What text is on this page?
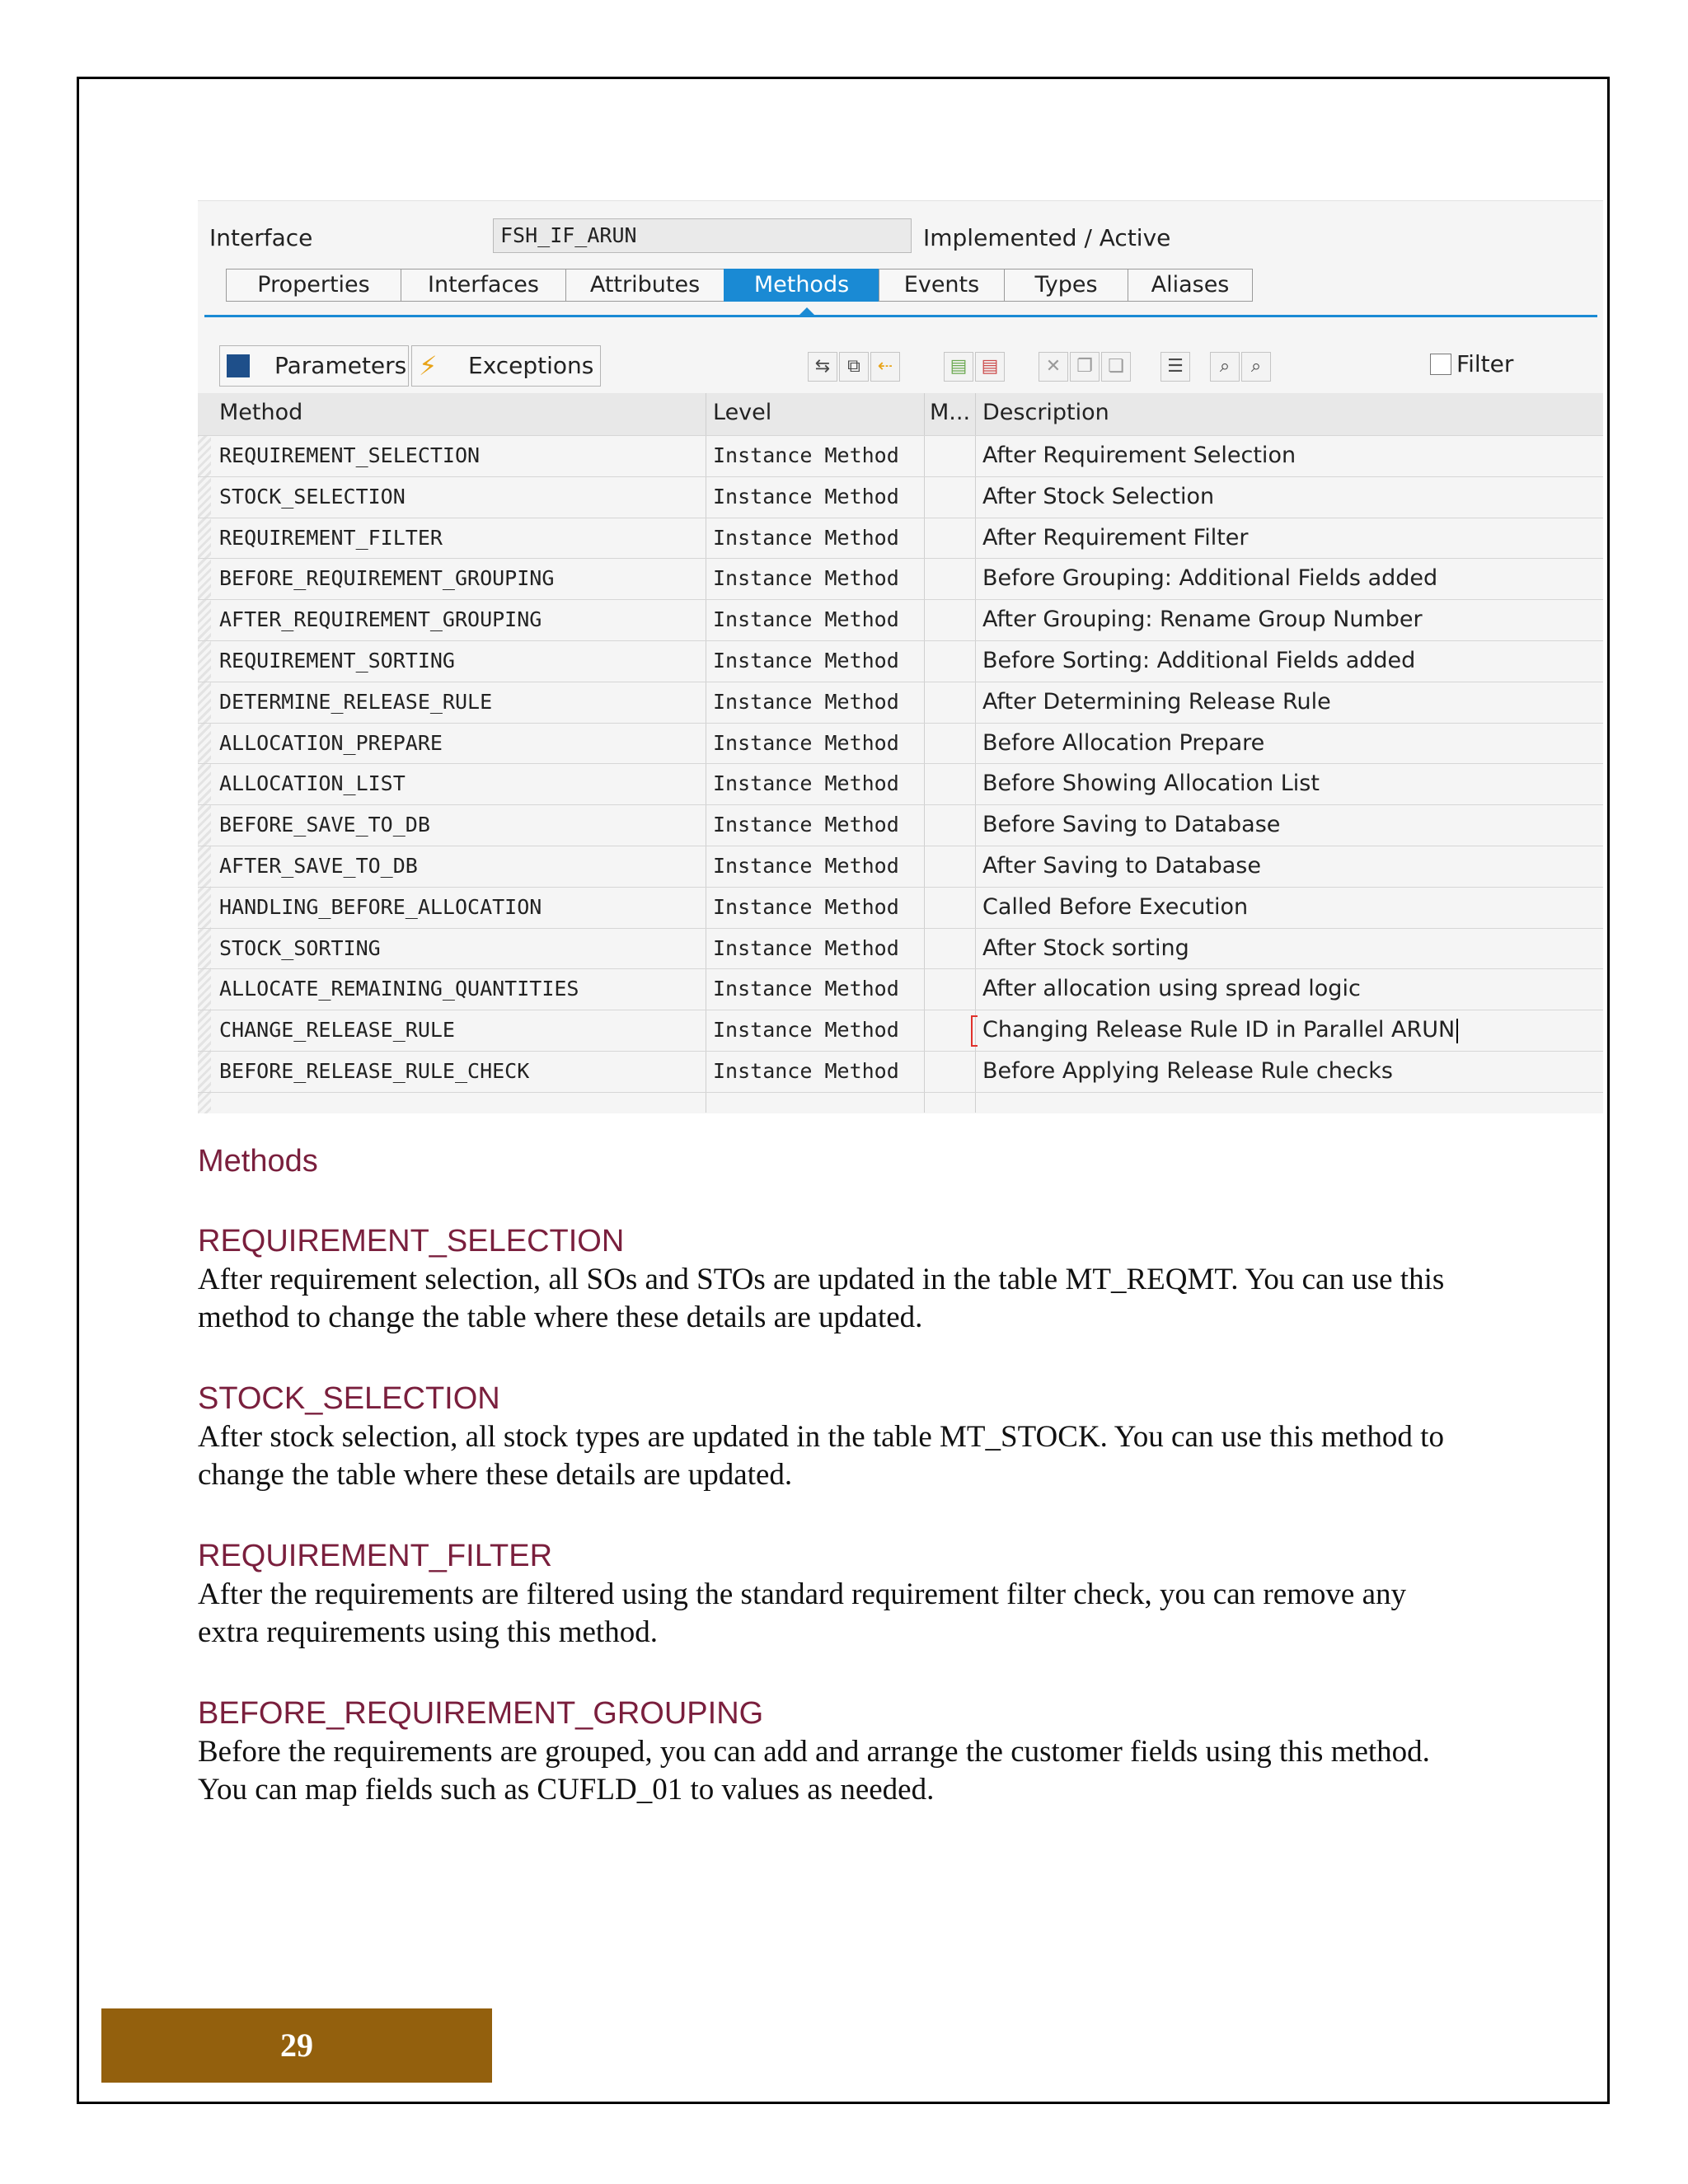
Interface	FSH_IF_ARUN	Implemented / Active
Properties	Interfaces	Attributes	Methods	Events	Types	Aliases
Parameters ⚡ Exceptions	⇆ ⧉ ⇠	▤ ▤	✕ ❐ ❏	☰	⌕	⌕	Filter
Method	Level	M... Description
REQUIREMENT_SELECTION	Instance Method	After Requirement Selection
STOCK_SELECTION	Instance Method	After Stock Selection
REQUIREMENT_FILTER	Instance Method	After Requirement Filter
BEFORE_REQUIREMENT_GROUPING	Instance Method	Before Grouping: Additional Fields added
AFTER_REQUIREMENT_GROUPING	Instance Method	After Grouping: Rename Group Number
REQUIREMENT_SORTING	Instance Method	Before Sorting: Additional Fields added
DETERMINE_RELEASE_RULE	Instance Method	After Determining Release Rule
ALLOCATION_PREPARE	Instance Method	Before Allocation Prepare
ALLOCATION_LIST	Instance Method	Before Showing Allocation List
BEFORE_SAVE_TO_DB	Instance Method	Before Saving to Database
AFTER_SAVE_TO_DB	Instance Method	After Saving to Database
HANDLING_BEFORE_ALLOCATION	Instance Method	Called Before Execution
STOCK_SORTING	Instance Method	After Stock sorting
ALLOCATE_REMAINING_QUANTITIES	Instance Method	After allocation using spread logic
CHANGE_RELEASE_RULE	Instance Method	Changing Release Rule ID in Parallel ARUN
BEFORE_RELEASE_RULE_CHECK	Instance Method	Before Applying Release Rule checks
Methods
REQUIREMENT_SELECTION
After requirement selection, all SOs and STOs are updated in the table MT_REQMT. You can use this method to change the table where these details are updated.
STOCK_SELECTION
After stock selection, all stock types are updated in the table MT_STOCK. You can use this method to change the table where these details are updated.
REQUIREMENT_FILTER
After the requirements are filtered using the standard requirement filter check, you can remove any extra requirements using this method.
BEFORE_REQUIREMENT_GROUPING
Before the requirements are grouped, you can add and arrange the customer fields using this method. You can map fields such as CUFLD_01 to values as needed.
29
